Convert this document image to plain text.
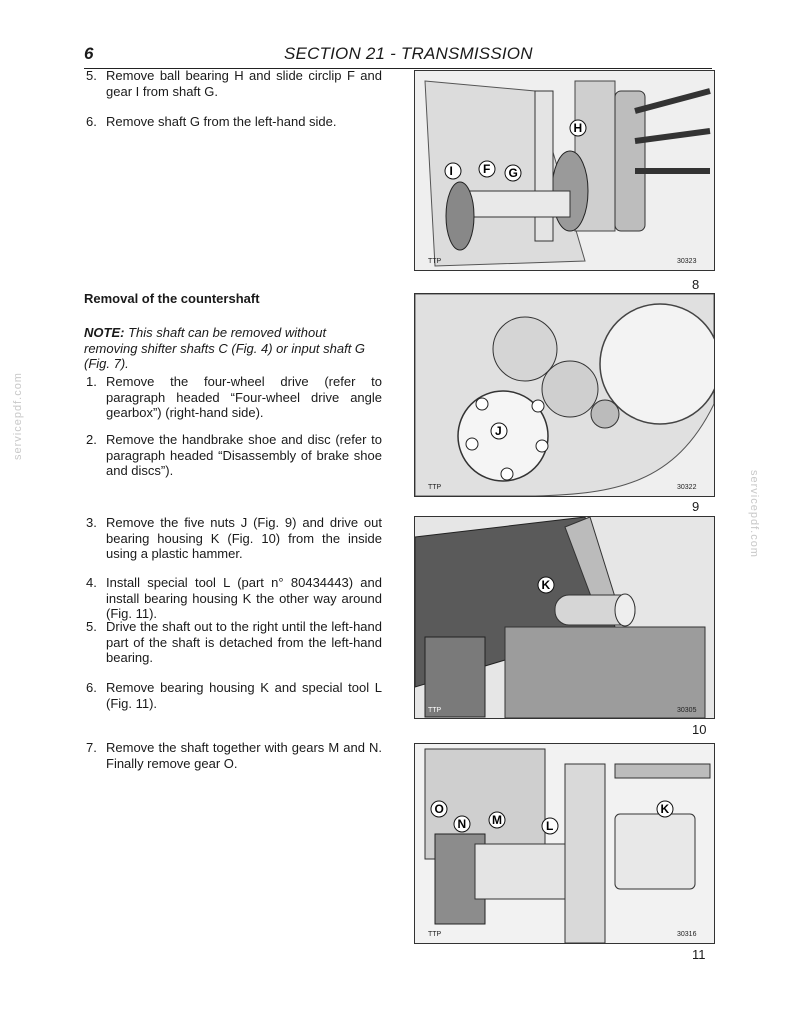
6	SECTION 21 - TRANSMISSION
5. Remove ball bearing H and slide circlip F and gear I from shaft G.
6. Remove shaft G from the left-hand side.
Removal of the countershaft
NOTE: This shaft can be removed without removing shifter shafts C (Fig. 4) or input shaft G (Fig. 7).
1. Remove the four-wheel drive (refer to paragraph headed “Four-wheel drive angle gearbox”) (right-hand side).
2. Remove the handbrake shoe and disc (refer to paragraph headed “Disassembly of brake shoe and discs”).
3. Remove the five nuts J (Fig. 9) and drive out bearing housing K (Fig. 10) from the inside using a plastic hammer.
4. Install special tool L (part n° 80434443) and install bearing housing K the other way around (Fig. 11).
5. Drive the shaft out to the right until the left-hand part of the shaft is detached from the left-hand bearing.
6. Remove bearing housing K and special tool L (Fig. 11).
7. Remove the shaft together with gears M and N. Finally remove gear O.
I	F G
H
TTP	30323
8
J
TTP	30322
9
K
TTP	30305
10
O
N M	L
K
TTP	30316
11
servicepdf.com
servicepdf.com
